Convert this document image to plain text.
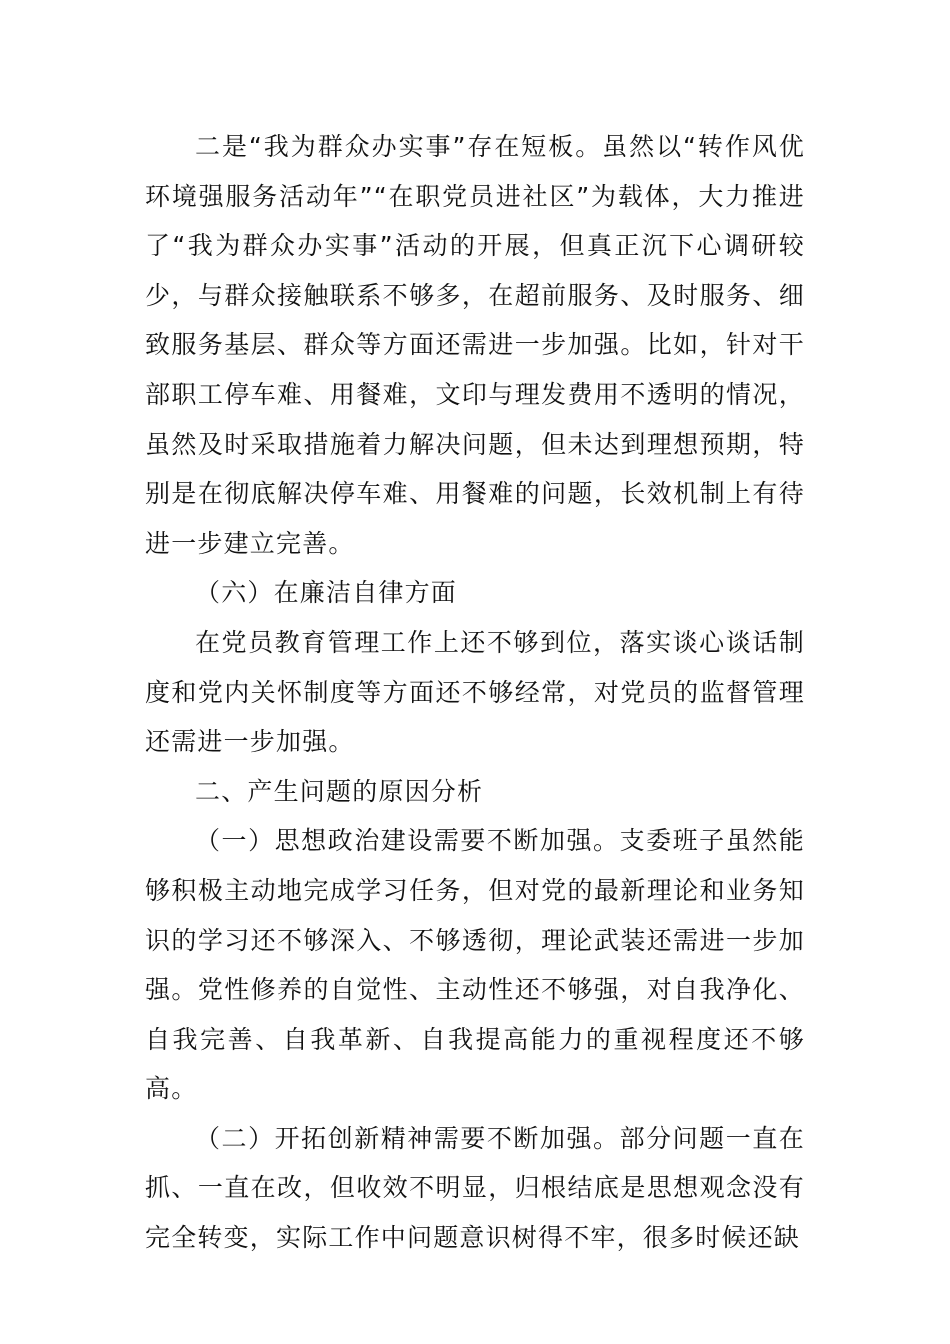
二是“我为群众办实事”存在短板。虽然以“转作风优环境强服务活动年”“在职党员进社区”为载体，大力推进了“我为群众办实事”活动的开展，但真正沉下心调研较少，与群众接触联系不够多，在超前服务、及时服务、细致服务基层、群众等方面还需进一步加强。比如，针对干部职工停车难、用餐难，文印与理发费用不透明的情况，虽然及时采取措施着力解决问题，但未达到理想预期，特别是在彻底解决停车难、用餐难的问题，长效机制上有待进一步建立完善。

（六）在廉洁自律方面

在党员教育管理工作上还不够到位，落实谈心谈话制度和党内关怀制度等方面还不够经常，对党员的监督管理还需进一步加强。

二、产生问题的原因分析

（一）思想政治建设需要不断加强。支委班子虽然能够积极主动地完成学习任务，但对党的最新理论和业务知识的学习还不够深入、不够透彻，理论武装还需进一步加强。党性修养的自觉性、主动性还不够强，对自我净化、自我完善、自我革新、自我提高能力的重视程度还不够高。

（二）开拓创新精神需要不断加强。部分问题一直在抓、一直在改，但收效不明显，归根结底是思想观念没有完全转变，实际工作中问题意识树得不牢，很多时候还缺
